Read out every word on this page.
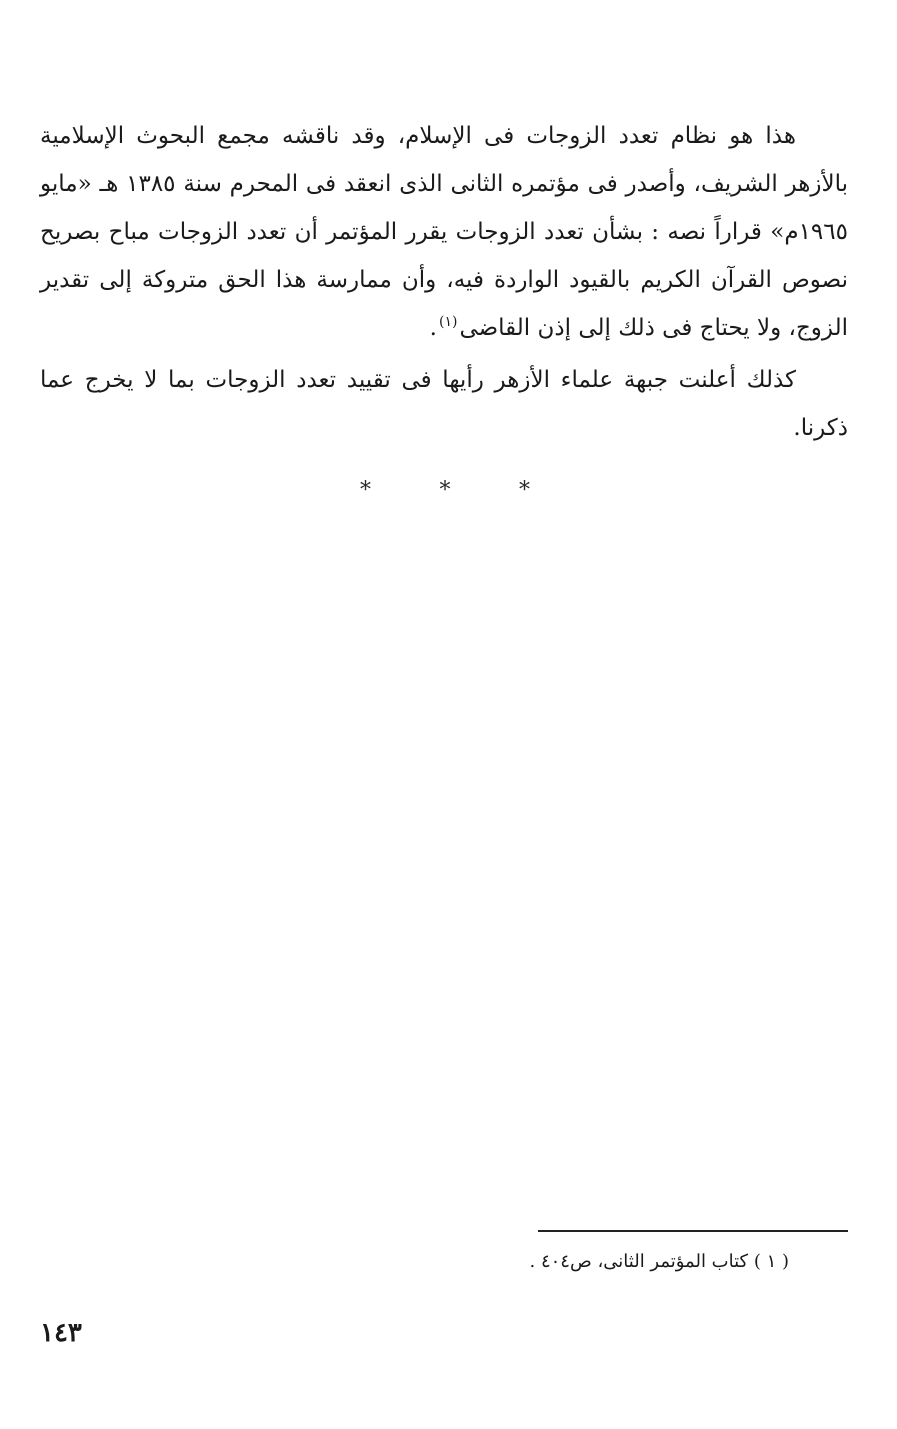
هذا هو نظام تعدد الزوجات فى الإسلام، وقد ناقشه مجمع البحوث الإسلامية بالأزهر الشريف، وأصدر فى مؤتمره الثانى الذى انعقد فى المحرم سنة ١٣٨٥ هـ «مايو ١٩٦٥م» قراراً نصه : بشأن تعدد الزوجات يقرر المؤتمر أن تعدد الزوجات مباح بصريح نصوص القرآن الكريم بالقيود الواردة فيه، وأن ممارسة هذا الحق متروكة إلى تقدير الزوج، ولا يحتاج فى ذلك إلى إذن القاضى$^{(١)}$.

كذلك أعلنت جبهة علماء الأزهر رأيها فى تقييد تعدد الزوجات بما لا يخرج عما ذكرنا.

*	*	*
( ١ ) كتاب المؤتمر الثانى، ص٤٠٤ .
١٤٣
